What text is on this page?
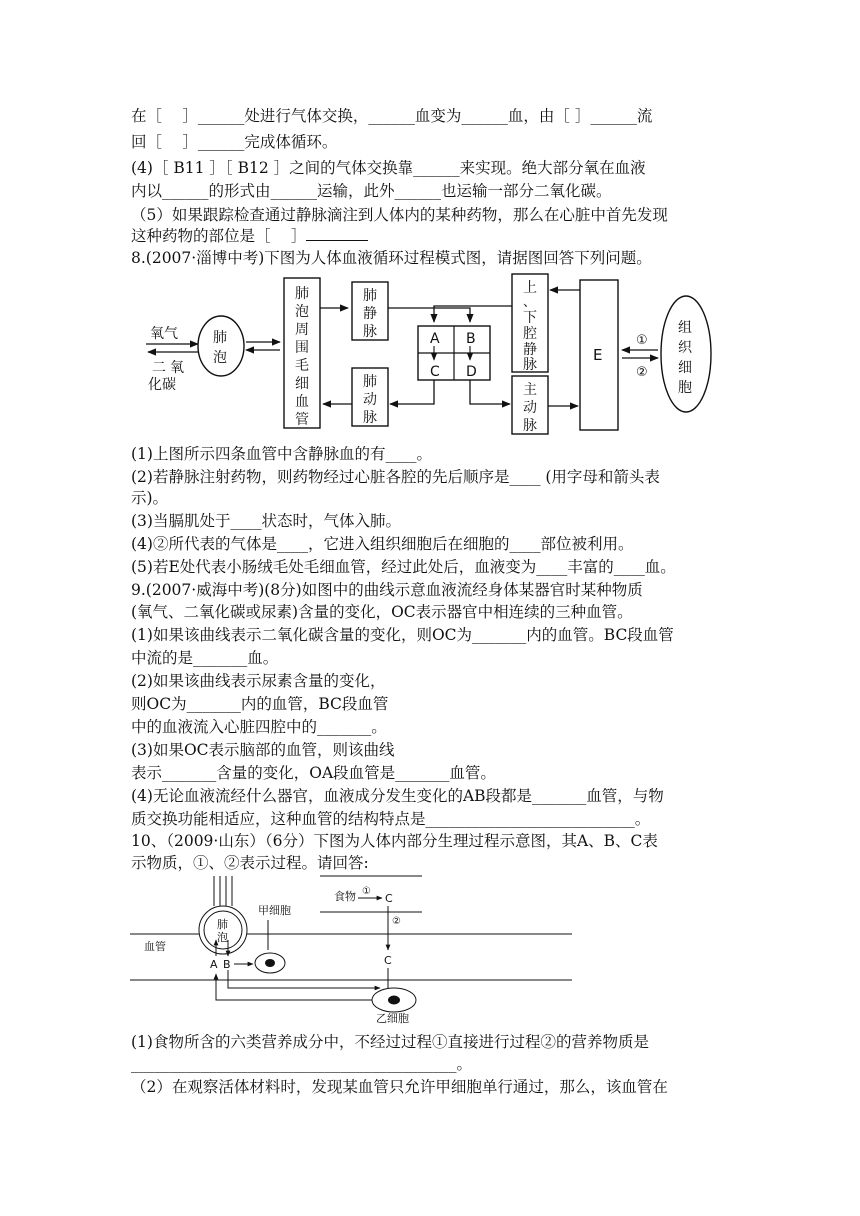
在［ 　］______处进行气体交换，______血变为______血，由［ ］______流
回［ 　］______完成体循环。
(4)［ B11 ］［ B12 ］之间的气体交换靠______来实现。绝大部分氧在血液
内以______的形式由______运输，此外______也运输一部分二氧化碳。
（5）如果跟踪检查通过静脉滴注到人体内的某种药物，那么在心脏中首先发现
这种药物的部位是［　 ］
8.(2007·淄博中考)下图为人体血液循环过程模式图，请据图回答下列问题。
氧气
二 氧
化碳
肺
泡
肺
泡
周
围
毛
细
血
管
肺
静
脉	A B
C D
上
、
下
腔
静
脉
主
动
脉
肺
动
脉
E
①
②
组
织
细
胞
(1)上图所示四条血管中含静脉血的有____。
(2)若静脉注射药物，则药物经过心脏各腔的先后顺序是____ (用字母和箭头表
示)。
(3)当膈肌处于____状态时，气体入肺。
(4)②所代表的气体是____，它进入组织细胞后在细胞的____部位被利用。
(5)若E处代表小肠绒毛处毛细血管，经过此处后，血液变为____丰富的____血。
9.(2007·威海中考)(8分)如图中的曲线示意血液流经身体某器官时某种物质
(氧气、二氧化碳或尿素)含量的变化，OC表示器官中相连续的三种血管。
(1)如果该曲线表示二氧化碳含量的变化，则OC为_______内的血管。BC段血管
中流的是_______血。
(2)如果该曲线表示尿素含量的变化，
则OC为_______内的血管，BC段血管
中的血液流入心脏四腔中的_______。
(3)如果OC表示脑部的血管，则该曲线
表示_______含量的变化，OA段血管是_______血管。
(4)无论血液流经什么器官，血液成分发生变化的AB段都是_______血管，与物
质交换功能相适应，这种血管的结构特点是___________________________。
10、（2009·山东）（6分）下图为人体内部分生理过程示意图，其A、B、C表
示物质，①、②表示过程。请回答:
血管
肺
泡
A B
甲细胞
食物 ①
C
②
C
乙细胞
(1)食物所含的六类营养成分中，不经过过程①直接进行过程②的营养物质是
__________________________________________。
（2）在观察活体材料时，发现某血管只允许甲细胞单行通过，那么，该血管在
